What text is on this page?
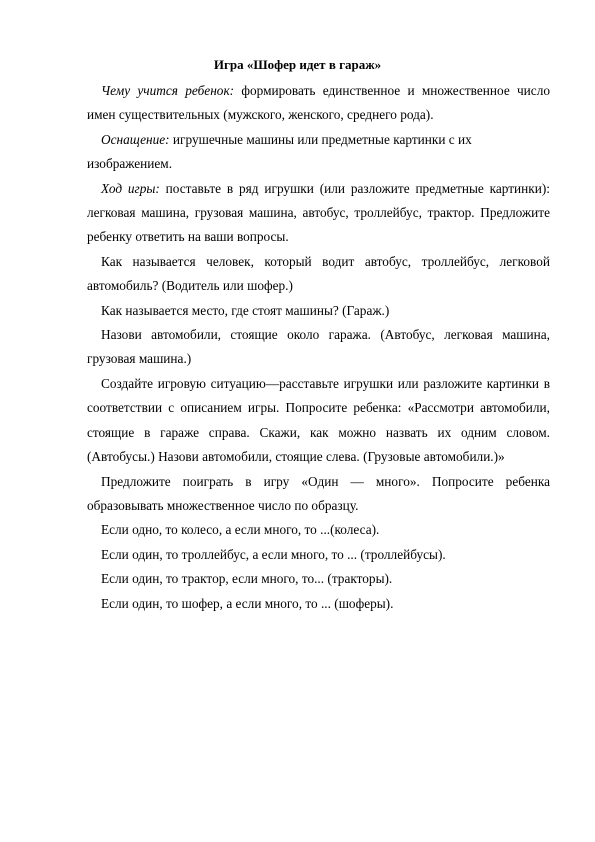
Игра «Шофер идет в гараж»

Чему учится ребенок: формировать единственное и множественное число имен существительных (мужского, женского, среднего рода).

Оснащение: игрушечные машины или предметные картинки с их изображением.

Ход игры: поставьте в ряд игрушки (или разложите предметные картинки): легковая машина, грузовая машина, автобус, троллейбус, трактор. Предложите ребенку ответить на ваши вопросы.

Как называется человек, который водит автобус, троллейбус, легковой автомобиль? (Водитель или шофер.)

Как называется место, где стоят машины? (Гараж.)

Назови автомобили, стоящие около гаража. (Автобус, легковая машина, грузовая машина.)

Создайте игровую ситуацию—расставьте игрушки или разложите картинки в соответствии с описанием игры. Попросите ребенка: «Рассмотри автомобили, стоящие в гараже справа. Скажи, как можно назвать их одним словом. (Автобусы.) Назови автомобили, стоящие слева. (Грузовые автомобили.)»

Предложите поиграть в игру «Один — много». Попросите ребенка образовывать множественное число по образцу.

Если одно, то колесо, а если много, то ...(колеса).

Если один, то троллейбус, а если много, то ... (троллейбусы).

Если один, то трактор, если много, то... (тракторы).

Если один, то шофер, а если много, то ... (шоферы).
